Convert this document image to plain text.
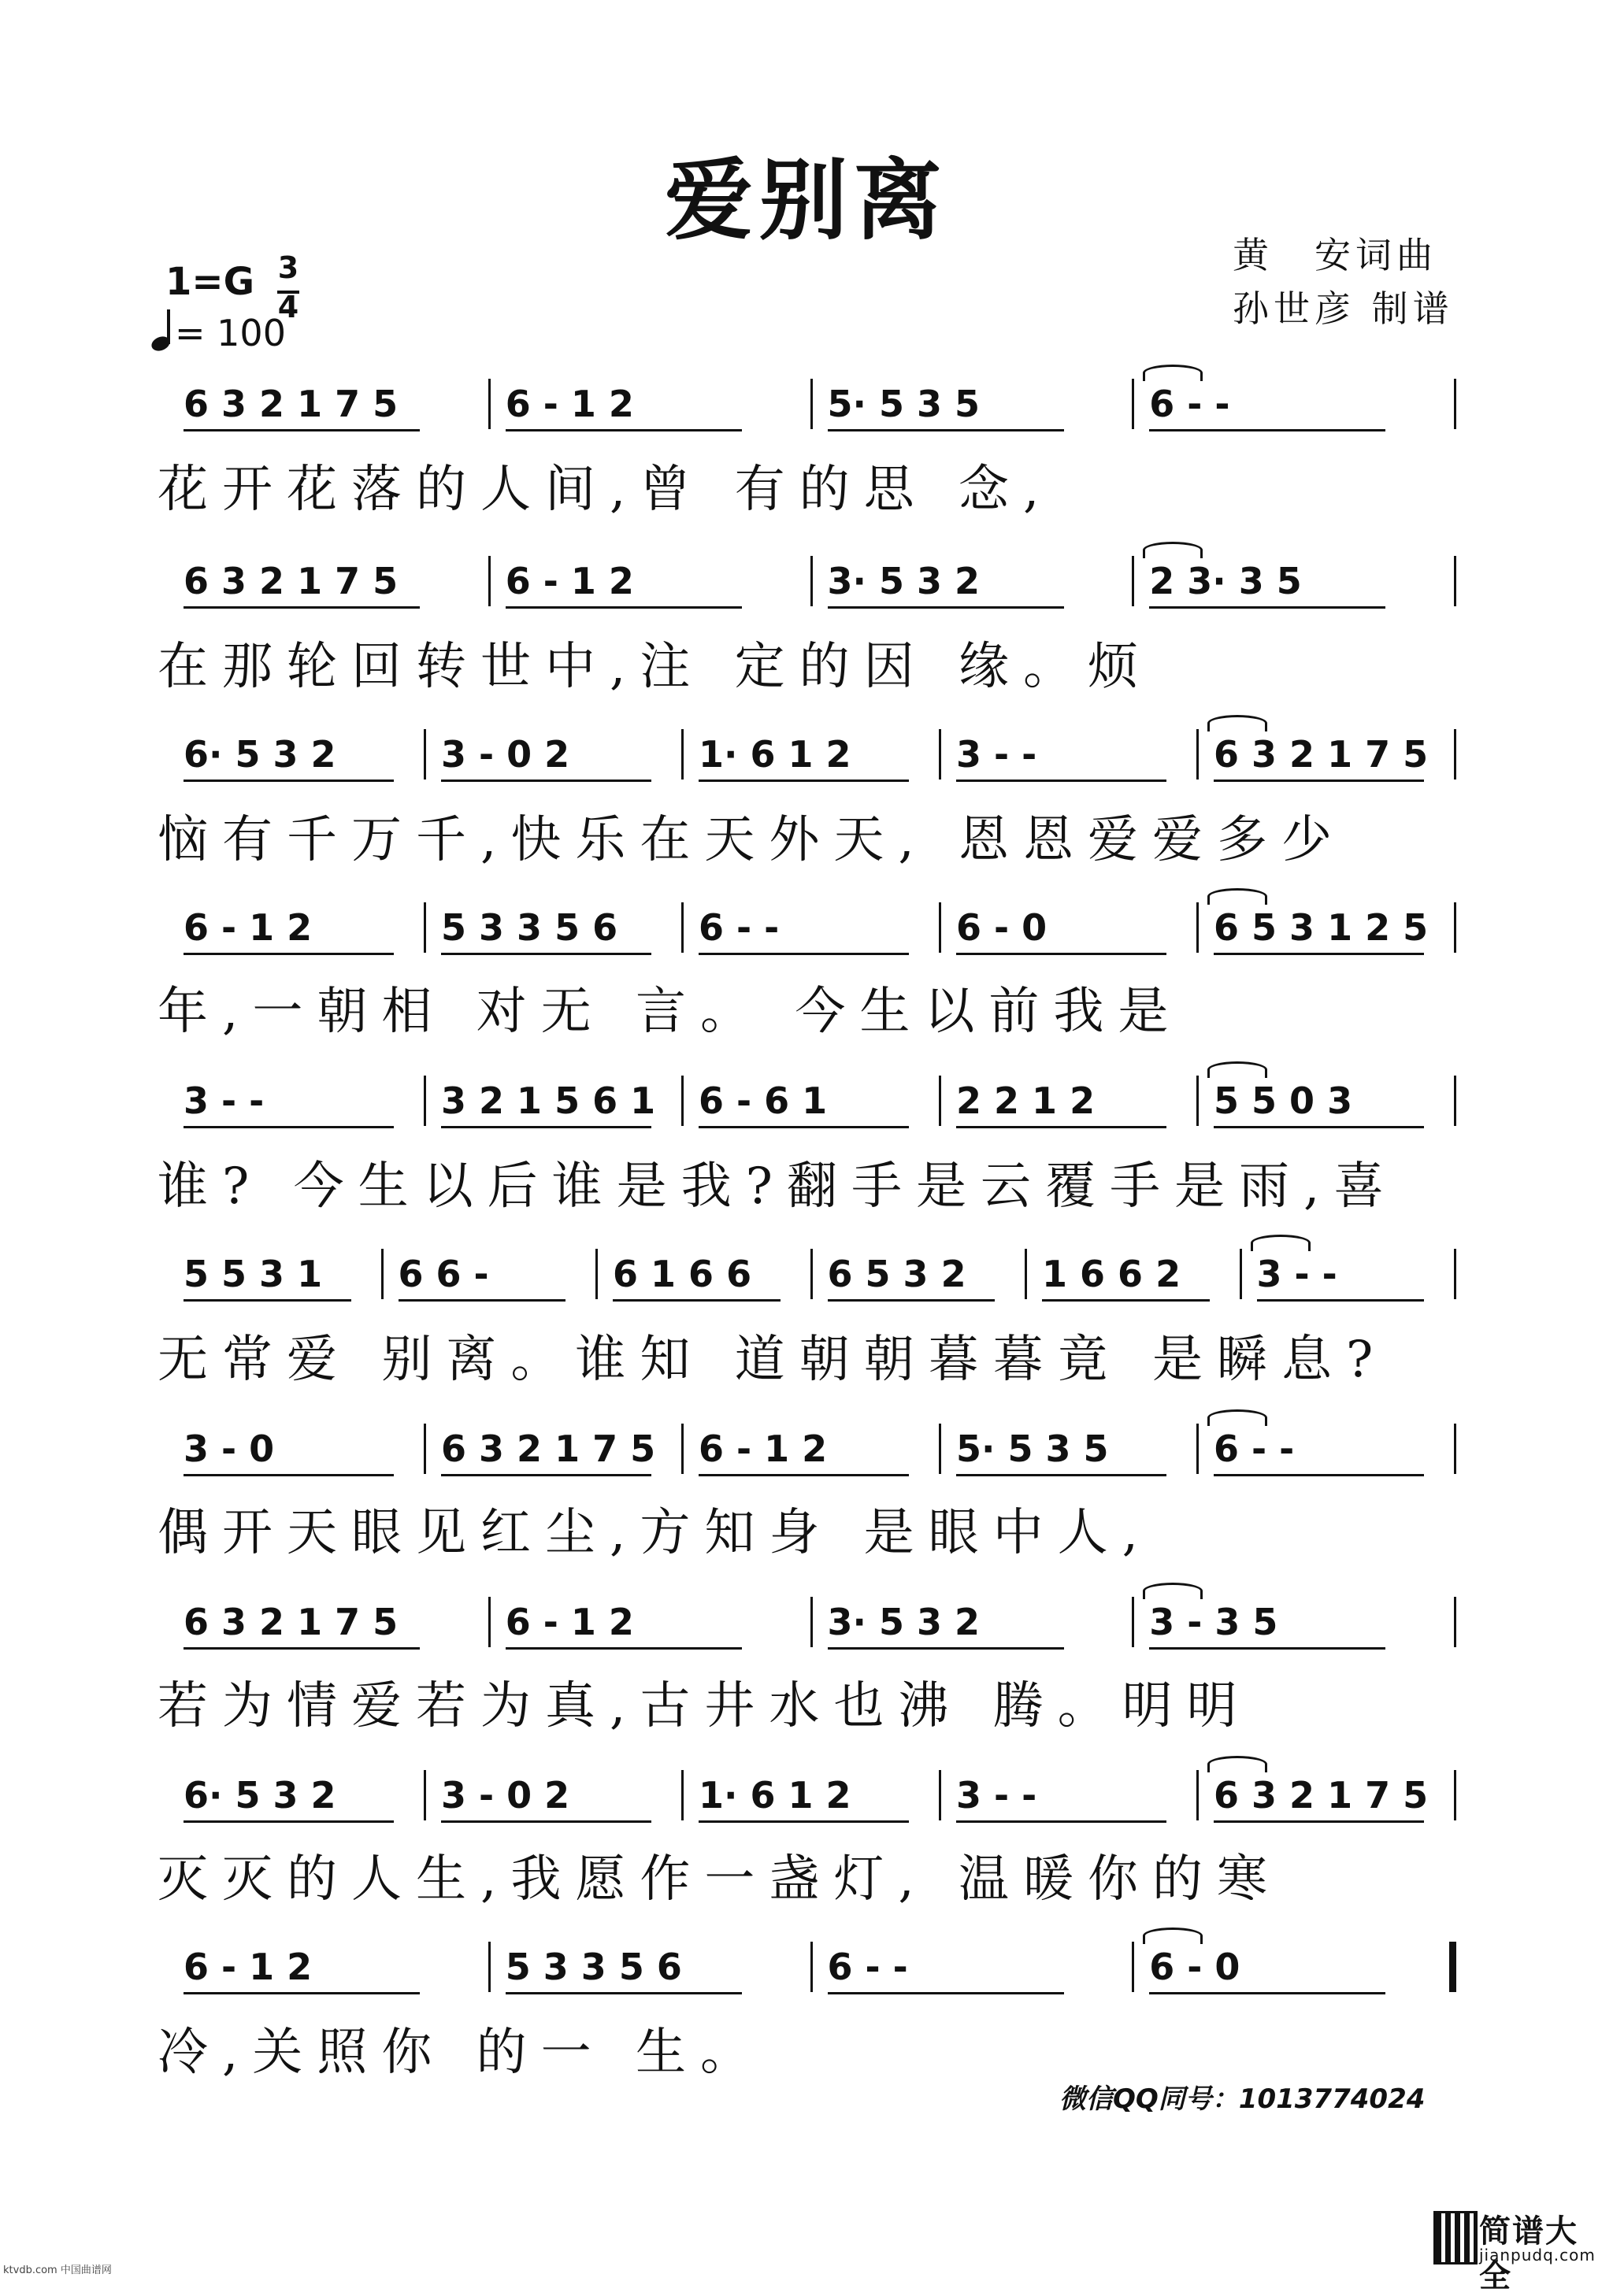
爱别离
黄　安词曲
孙世彦 制谱
1=G 3
4
= 100
6 3 2 1 7 5	6 - 1 2	5· 5 3 5	6 - -
花开花落的人间,曾 有的思 念,
6 3 2 1 7 5	6 - 1 2	3· 5 3 2	2 3· 3 5
在那轮回转世中,注 定的因 缘。烦
6· 5 3 2	3 - 0 2	1· 6 1 2	3 - -	6 3 2 1 7 5
恼有千万千,快乐在天外天, 恩恩爱爱多少
6 - 1 2	5 3 3 5 6 6 - -	6 - 0	6 5 3 1 2 5
年,一朝相 对无 言。 今生以前我是
3 - -	3 2 1 5 6 1 6 - 6 1	2 2 1 2	5 5 0 3
谁? 今生以后谁是我?翻手是云覆手是雨,喜
5 5 3 1 6 6 -	6 1 6 6 6 5 3 2 1 6 6 2 3 - -
无常爱 别离。谁知 道朝朝暮暮竟 是瞬息?
3 - 0	6 3 2 1 7 5 6 - 1 2	5· 5 3 5	6 - -
偶开天眼见红尘,方知身 是眼中人,
6 3 2 1 7 5	6 - 1 2	3· 5 3 2	3 - 3 5
若为情爱若为真,古井水也沸 腾。明明
6· 5 3 2	3 - 0 2	1· 6 1 2	3 - -	6 3 2 1 7 5
灭灭的人生,我愿作一盏灯, 温暖你的寒
6 - 1 2	5 3 3 5 6	6 - -	6 - 0
冷,关照你 的一 生。
微信QQ同号：1013774024
简谱大全
jianpudq.com
ktvdb.com 中国曲谱网
